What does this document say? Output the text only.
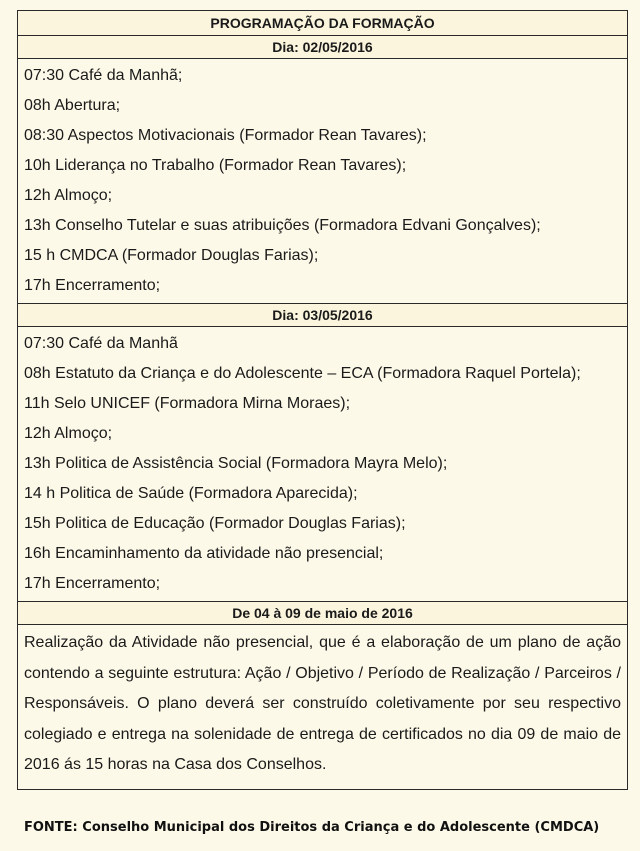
PROGRAMAÇÃO DA FORMAÇÃO
Dia: 02/05/2016
07:30 Café da Manhã;
08h Abertura;
08:30 Aspectos Motivacionais (Formador Rean Tavares);
10h Liderança no Trabalho (Formador Rean Tavares);
12h Almoço;
13h Conselho Tutelar e suas atribuições (Formadora Edvani Gonçalves);
15 h CMDCA (Formador Douglas Farias);
17h Encerramento;
Dia: 03/05/2016
07:30 Café da Manhã
08h Estatuto da Criança e do Adolescente – ECA (Formadora Raquel Portela);
11h Selo UNICEF (Formadora Mirna Moraes);
12h Almoço;
13h Politica de Assistência Social (Formadora Mayra Melo);
14 h Politica de Saúde (Formadora Aparecida);
15h Politica de Educação (Formador Douglas Farias);
16h Encaminhamento da atividade não presencial;
17h Encerramento;
De 04 à 09 de maio de 2016
Realização da Atividade não presencial, que é a elaboração de um plano de ação contendo a seguinte estrutura: Ação / Objetivo / Período de Realização / Parceiros / Responsáveis. O plano deverá ser construído coletivamente por seu respectivo colegiado e entrega na solenidade de entrega de certificados no dia 09 de maio de 2016 ás 15 horas na Casa dos Conselhos.
FONTE: Conselho Municipal dos Direitos da Criança e do Adolescente (CMDCA)
